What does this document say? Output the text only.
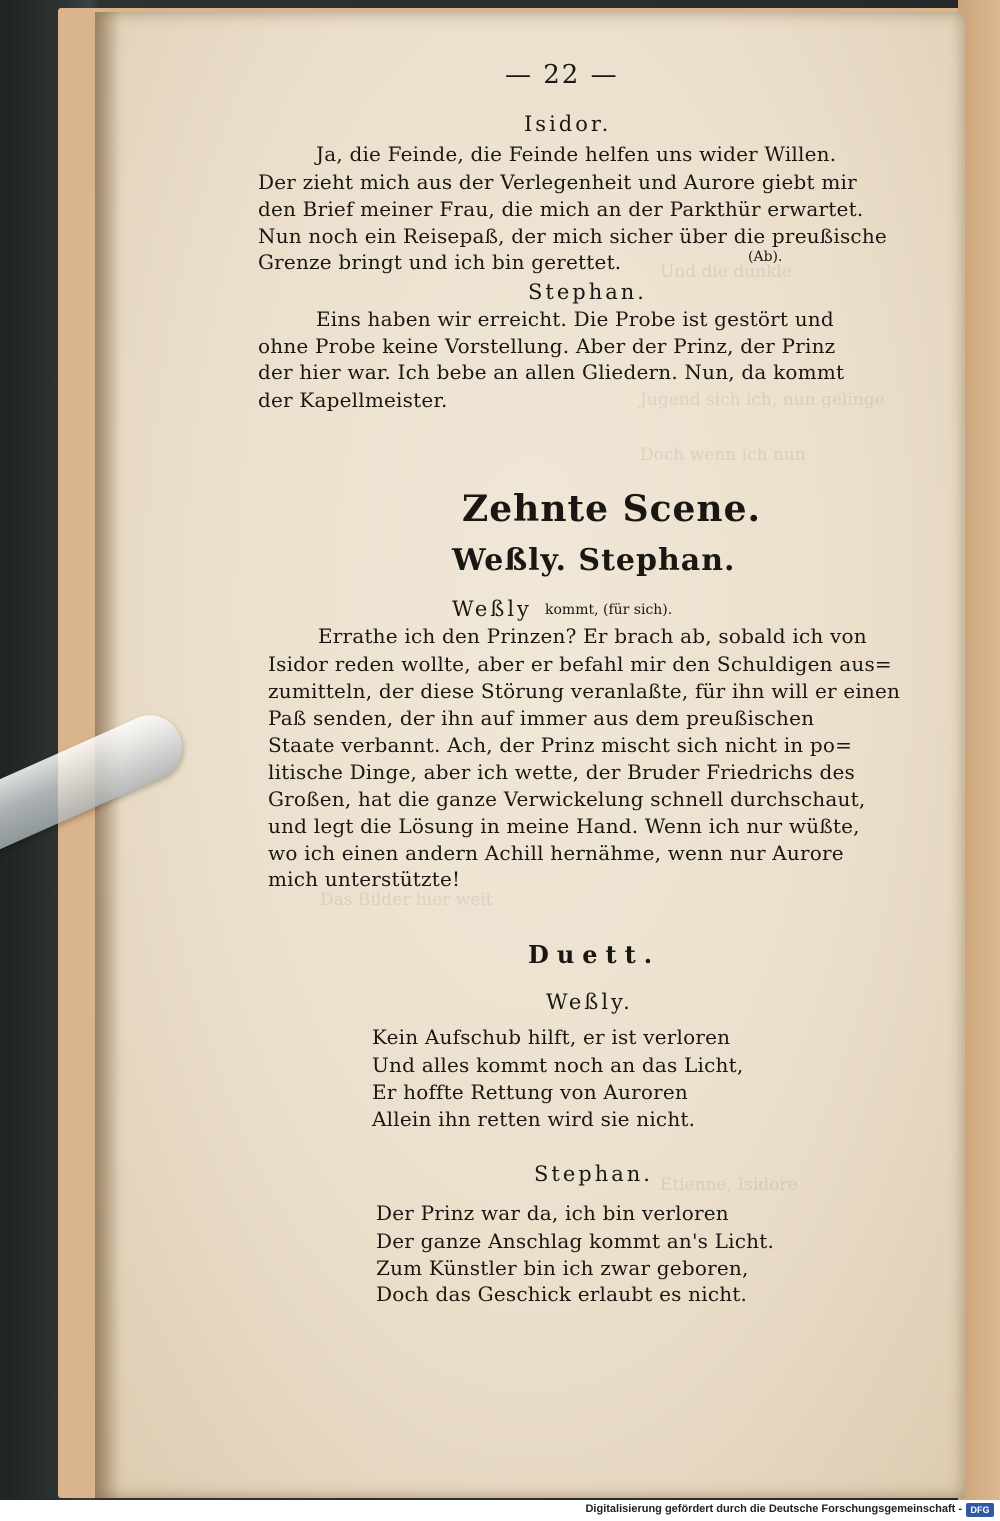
Und die dunkle
Jugend sich ich, nun gelinge
Doch wenn ich nun
Das Bilder hier weit
Etienne, Isidore
— 22 —
Isidor.
Ja, die Feinde, die Feinde helfen uns wider Willen.
Der zieht mich aus der Verlegenheit und Aurore giebt mir
den Brief meiner Frau, die mich an der Parkthür erwartet.
Nun noch ein Reisepaß, der mich sicher über die preußische
Grenze bringt und ich bin gerettet.	(Ab).
Stephan.
Eins haben wir erreicht. Die Probe ist gestört und
ohne Probe keine Vorstellung. Aber der Prinz, der Prinz
der hier war. Ich bebe an allen Gliedern. Nun, da kommt
der Kapellmeister.
Zehnte Scene.
Weßly. Stephan.
Weßly kommt, (für sich).
Errathe ich den Prinzen? Er brach ab, sobald ich von
Isidor reden wollte, aber er befahl mir den Schuldigen aus=
zumitteln, der diese Störung veranlaßte, für ihn will er einen
Paß senden, der ihn auf immer aus dem preußischen
Staate verbannt. Ach, der Prinz mischt sich nicht in po=
litische Dinge, aber ich wette, der Bruder Friedrichs des
Großen, hat die ganze Verwickelung schnell durchschaut,
und legt die Lösung in meine Hand. Wenn ich nur wüßte,
wo ich einen andern Achill hernähme, wenn nur Aurore
mich unterstützte!
Duett.
Weßly.
Kein Aufschub hilft, er ist verloren
Und alles kommt noch an das Licht,
Er hoffte Rettung von Auroren
Allein ihn retten wird sie nicht.
Stephan.
Der Prinz war da, ich bin verloren
Der ganze Anschlag kommt an's Licht.
Zum Künstler bin ich zwar geboren,
Doch das Geschick erlaubt es nicht.
Digitalisierung gefördert durch die Deutsche Forschungsgemeinschaft - DFG
